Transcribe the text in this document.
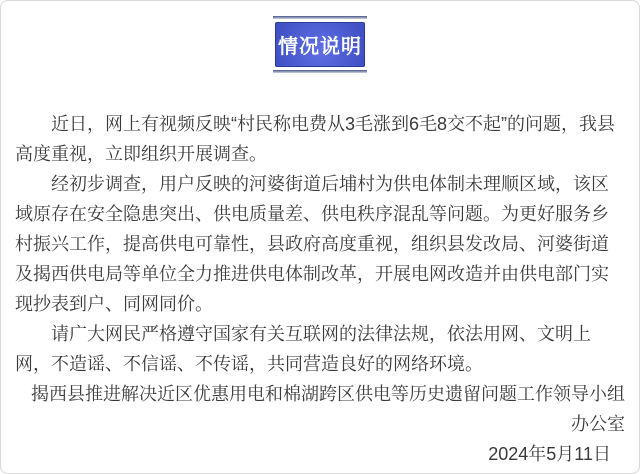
情况说明

近日，网上有视频反映“村民称电费从3毛涨到6毛8交不起”的问题，我县高度重视，立即组织开展调查。

经初步调查，用户反映的河婆街道后埔村为供电体制未理顺区域，该区域原存在安全隐患突出、供电质量差、供电秩序混乱等问题。为更好服务乡村振兴工作，提高供电可靠性，县政府高度重视，组织县发改局、河婆街道及揭西供电局等单位全力推进供电体制改革，开展电网改造并由供电部门实现抄表到户、同网同价。

请广大网民严格遵守国家有关互联网的法律法规，依法用网、文明上网，不造谣、不信谣、不传谣，共同营造良好的网络环境。

揭西县推进解决近区优惠用电和棉湖跨区供电等历史遗留问题工作领导小组办公室

2024年5月11日
